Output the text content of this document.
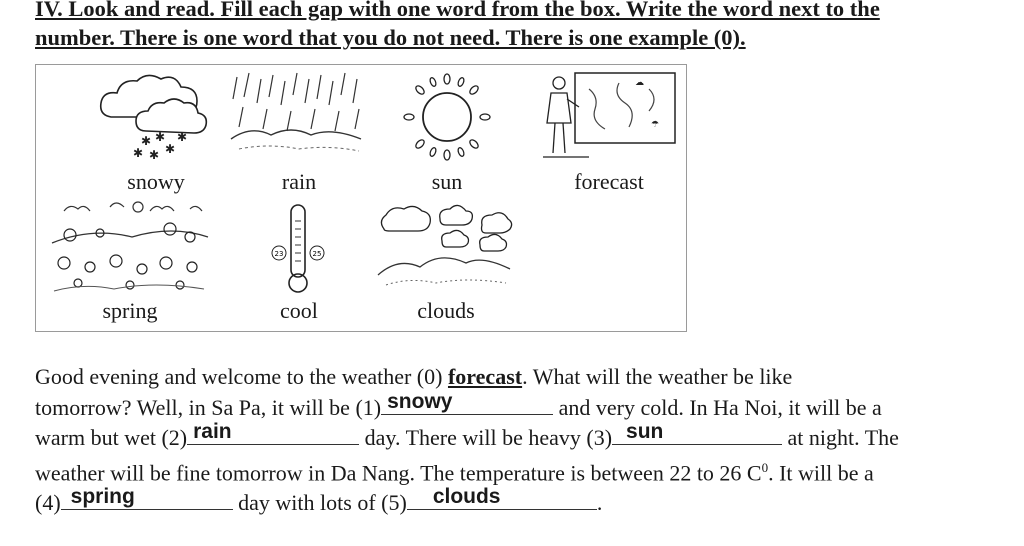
IV. Look and read. Fill each gap with one word from the box. Write the word next to the
number. There is one word that you do not need. There is one example (0).
✱ ✱
✱ ✱ ✱
✱
snowy	rain	sun
☁
☂
forecast
spring
23	25
cool	clouds
Good evening and welcome to the weather (0) forecast. What will the weather be like
tomorrow? Well, in Sa Pa, it will be (1) snowy	and very cold. In Ha Noi, it will be a
warm but wet (2) rain	day. There will be heavy (3) sun	at night. The
weather will be fine tomorrow in Da Nang. The temperature is between 22 to 26 $C^0$. It will be a
(4) spring	day with lots of (5) clouds	.
